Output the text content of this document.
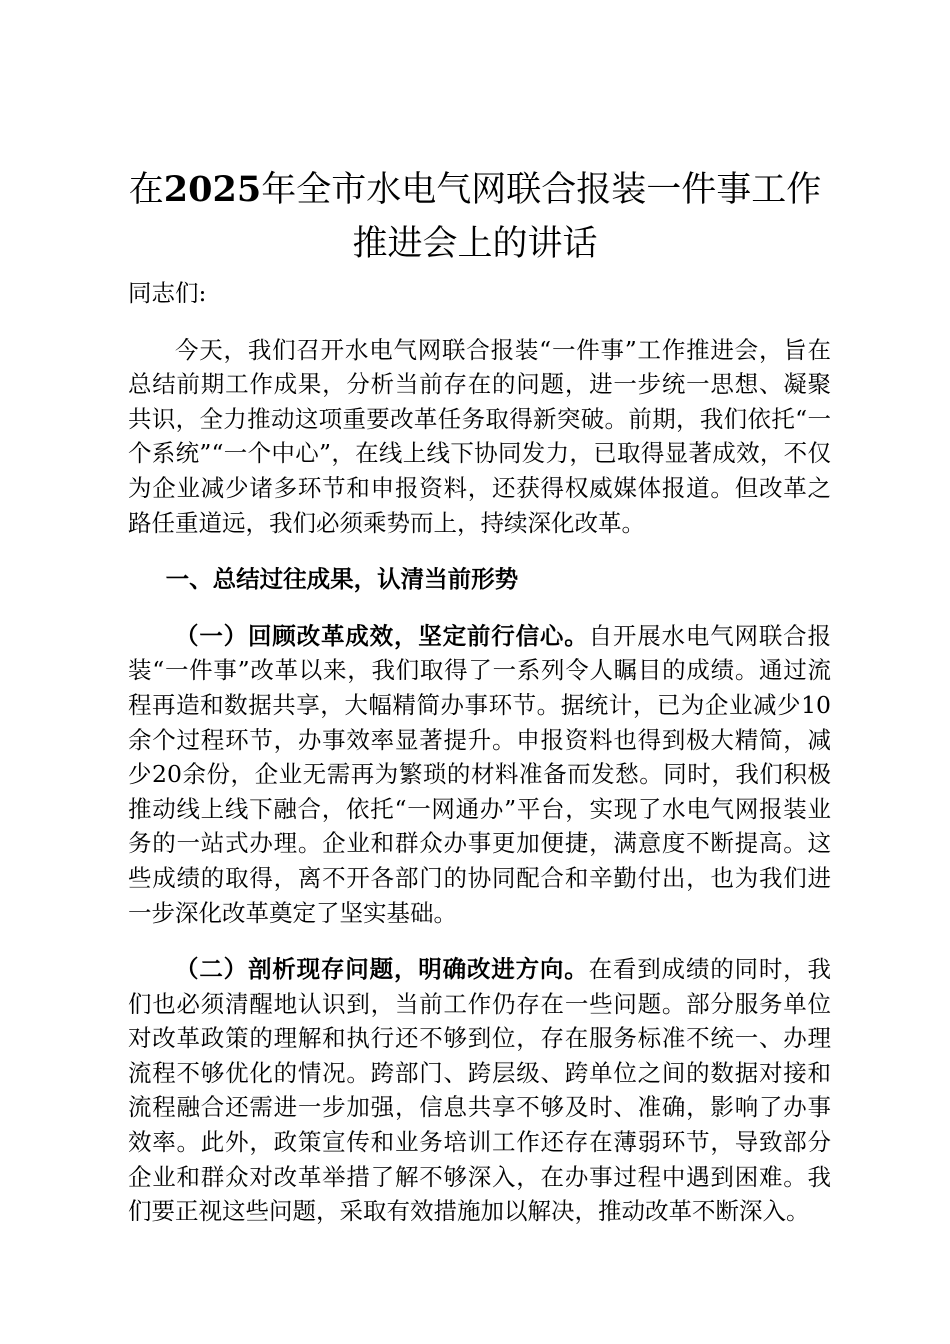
在2025年全市水电气网联合报装一件事工作
推进会上的讲话

同志们:

今天，我们召开水电气网联合报装“一件事”工作推进会，旨在总结前期工作成果，分析当前存在的问题，进一步统一思想、凝聚共识，全力推动这项重要改革任务取得新突破。前期，我们依托“一个系统”“一个中心”，在线上线下协同发力，已取得显著成效，不仅为企业减少诸多环节和申报资料，还获得权威媒体报道。但改革之路任重道远，我们必须乘势而上，持续深化改革。

一、总结过往成果，认清当前形势

（一）回顾改革成效，坚定前行信心。自开展水电气网联合报装“一件事”改革以来，我们取得了一系列令人瞩目的成绩。通过流程再造和数据共享，大幅精简办事环节。据统计，已为企业减少10余个过程环节，办事效率显著提升。申报资料也得到极大精简，减少20余份，企业无需再为繁琐的材料准备而发愁。同时，我们积极推动线上线下融合，依托“一网通办”平台，实现了水电气网报装业务的一站式办理。企业和群众办事更加便捷，满意度不断提高。这些成绩的取得，离不开各部门的协同配合和辛勤付出，也为我们进一步深化改革奠定了坚实基础。

（二）剖析现存问题，明确改进方向。在看到成绩的同时，我们也必须清醒地认识到，当前工作仍存在一些问题。部分服务单位对改革政策的理解和执行还不够到位，存在服务标准不统一、办理流程不够优化的情况。跨部门、跨层级、跨单位之间的数据对接和流程融合还需进一步加强，信息共享不够及时、准确，影响了办事效率。此外，政策宣传和业务培训工作还存在薄弱环节，导致部分企业和群众对改革举措了解不够深入，在办事过程中遇到困难。我们要正视这些问题，采取有效措施加以解决，推动改革不断深入。
